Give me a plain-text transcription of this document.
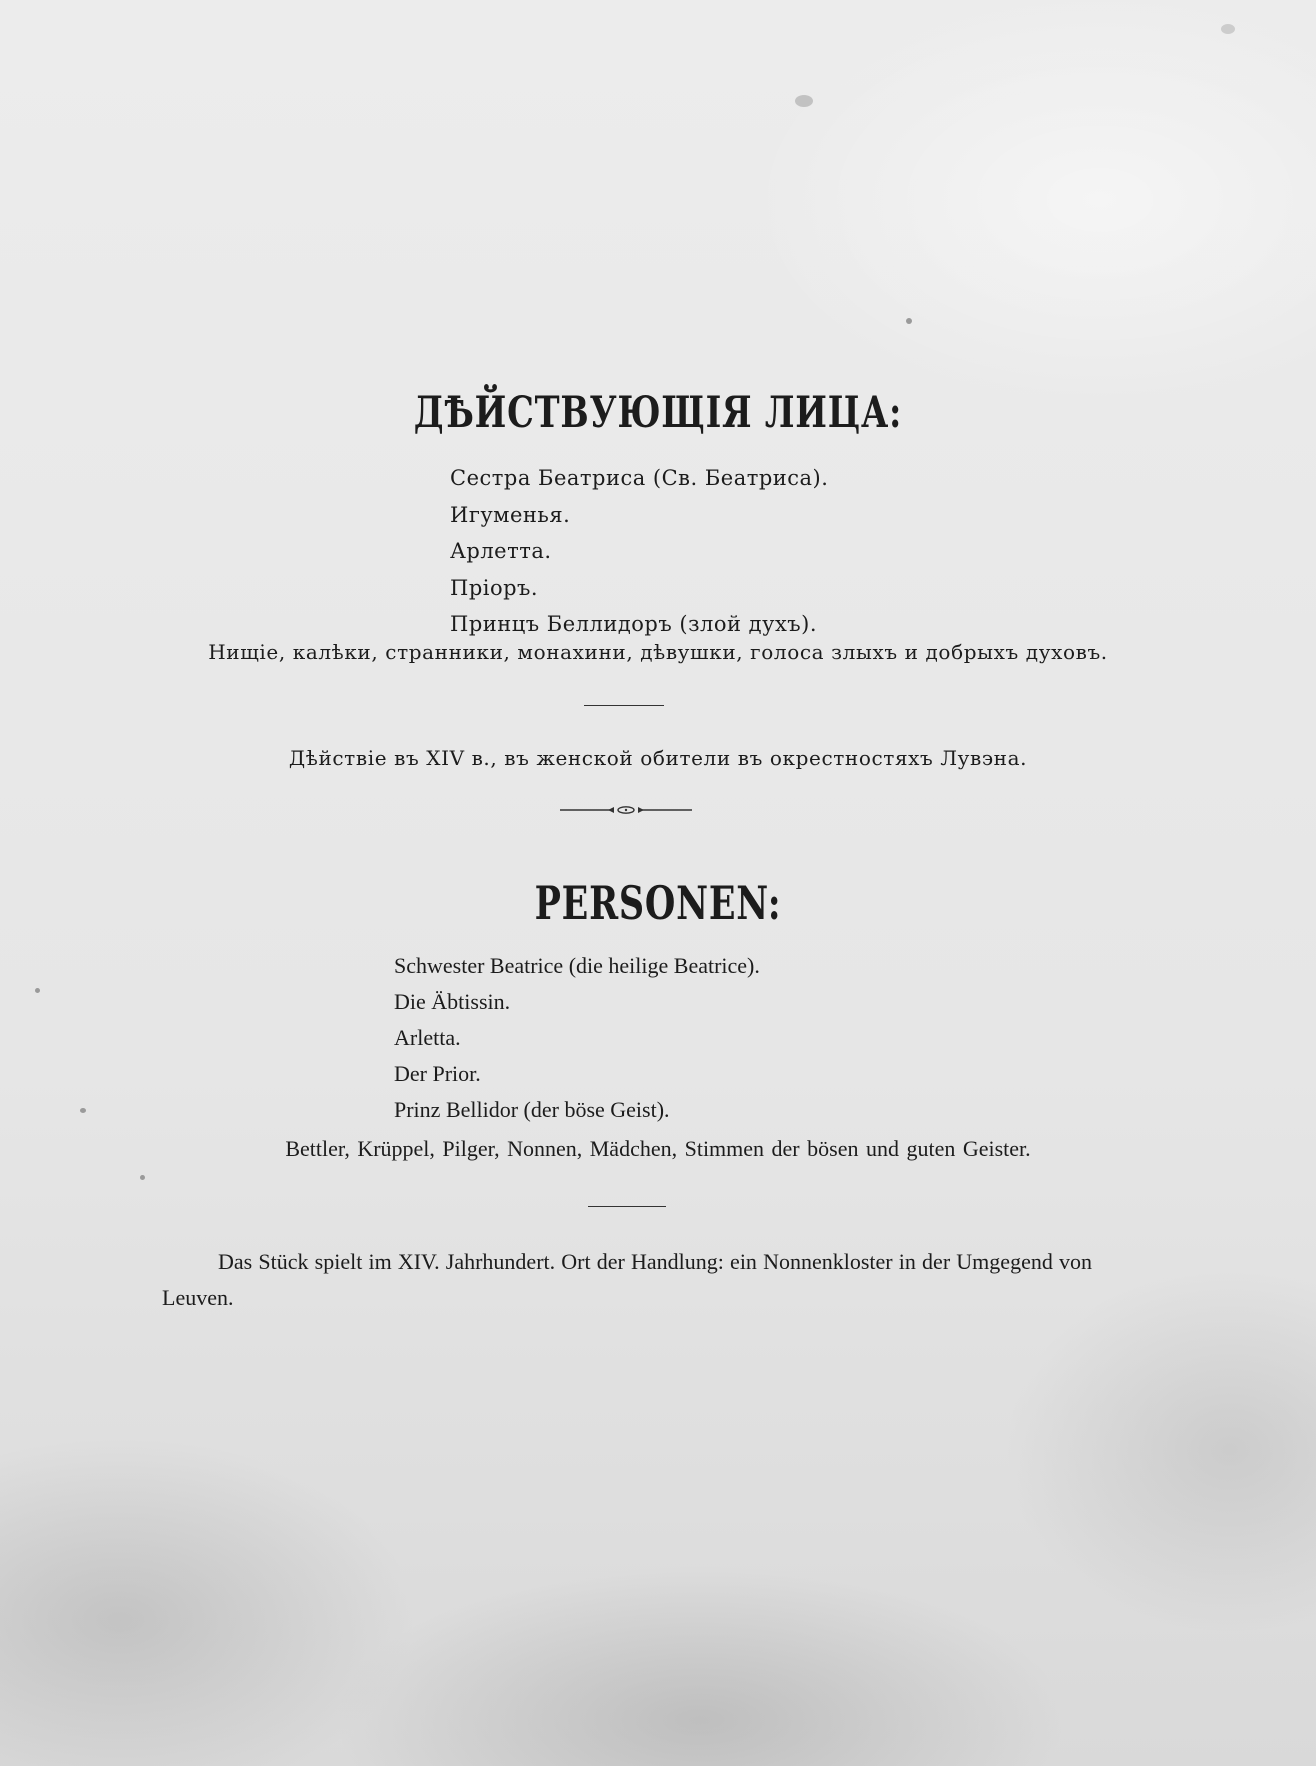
ДѢЙСТВУЮЩІЯ ЛИЦА:
Сестра Беатриса (Св. Беатриса).
Игуменья.
Арлетта.
Пріоръ.
Принцъ Беллидоръ (злой духъ).
Нищіе, калѣки, странники, монахини, дѣвушки, голоса злыхъ и добрыхъ духовъ.
Дѣйствіе въ XIV в., въ женской обители въ окрестностяхъ Лувэна.
PERSONEN:
Schwester Beatrice (die heilige Beatrice).
Die Äbtissin.
Arletta.
Der Prior.
Prinz Bellidor (der böse Geist).
Bettler, Krüppel, Pilger, Nonnen, Mädchen, Stimmen der bösen und guten Geister.
Das Stück spielt im XIV. Jahrhundert. Ort der Handlung: ein Nonnenkloster in der Umgegend von Leuven.
